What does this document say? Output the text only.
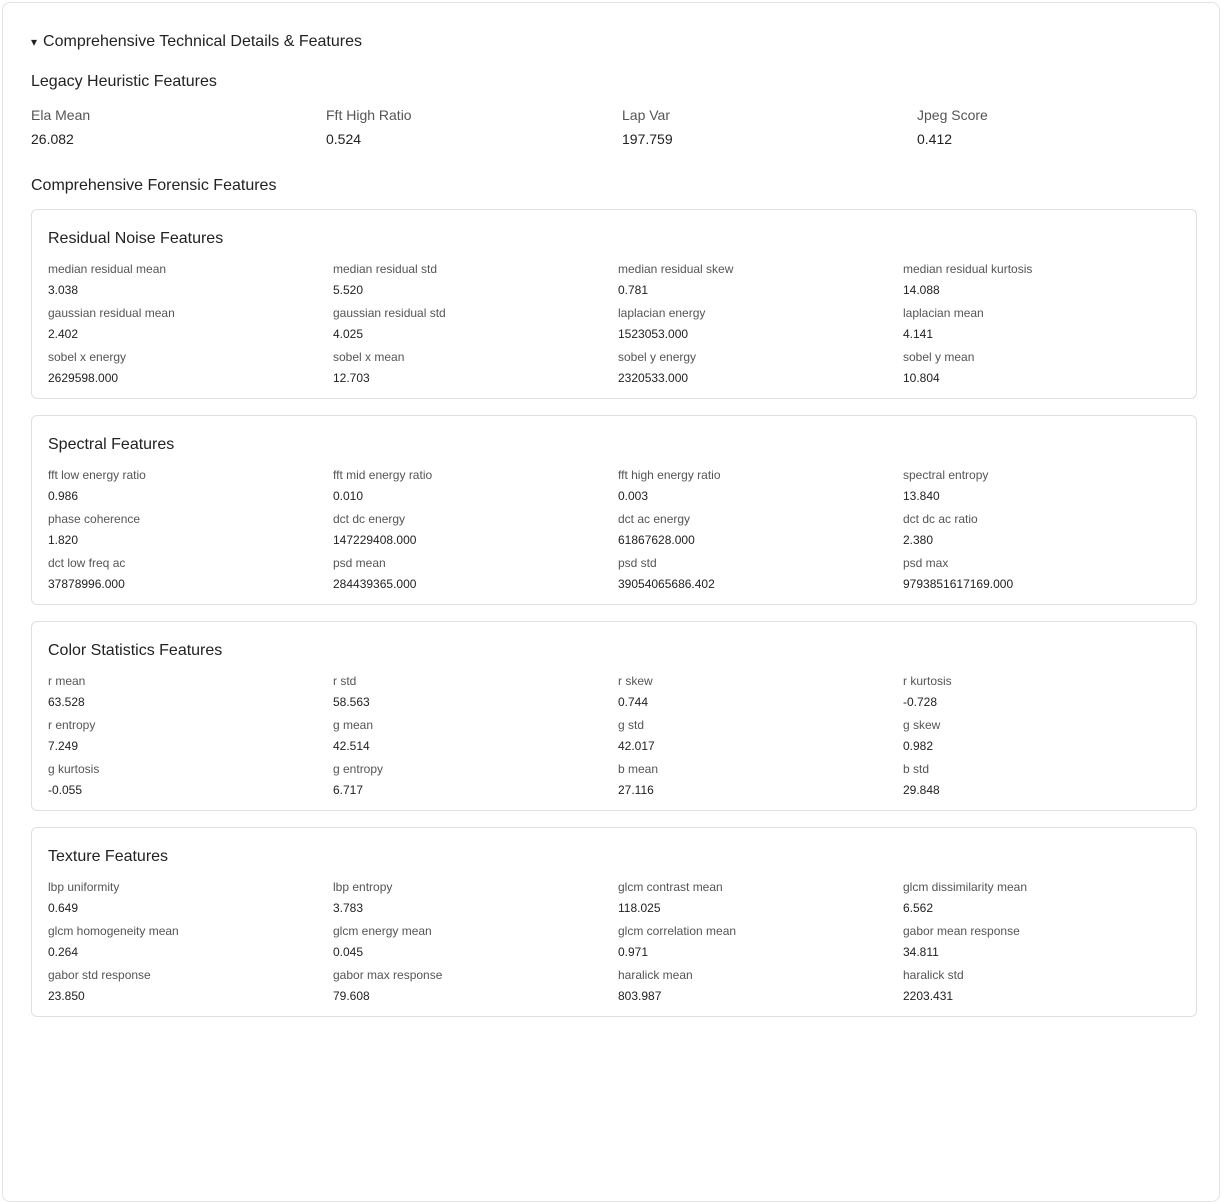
▾ Comprehensive Technical Details & Features
Legacy Heuristic Features
Ela Mean
26.082
Fft High Ratio
0.524
Lap Var
197.759
Jpeg Score
0.412
Comprehensive Forensic Features
Residual Noise Features
median residual mean
3.038
median residual std
5.520
median residual skew
0.781
median residual kurtosis
14.088
gaussian residual mean
2.402
gaussian residual std
4.025
laplacian energy
1523053.000
laplacian mean
4.141
sobel x energy
2629598.000
sobel x mean
12.703
sobel y energy
2320533.000
sobel y mean
10.804
Spectral Features
fft low energy ratio
0.986
fft mid energy ratio
0.010
fft high energy ratio
0.003
spectral entropy
13.840
phase coherence
1.820
dct dc energy
147229408.000
dct ac energy
61867628.000
dct dc ac ratio
2.380
dct low freq ac
37878996.000
psd mean
284439365.000
psd std
39054065686.402
psd max
9793851617169.000
Color Statistics Features
r mean
63.528
r std
58.563
r skew
0.744
r kurtosis
-0.728
r entropy
7.249
g mean
42.514
g std
42.017
g skew
0.982
g kurtosis
-0.055
g entropy
6.717
b mean
27.116
b std
29.848
Texture Features
lbp uniformity
0.649
lbp entropy
3.783
glcm contrast mean
118.025
glcm dissimilarity mean
6.562
glcm homogeneity mean
0.264
glcm energy mean
0.045
glcm correlation mean
0.971
gabor mean response
34.811
gabor std response
23.850
gabor max response
79.608
haralick mean
803.987
haralick std
2203.431
